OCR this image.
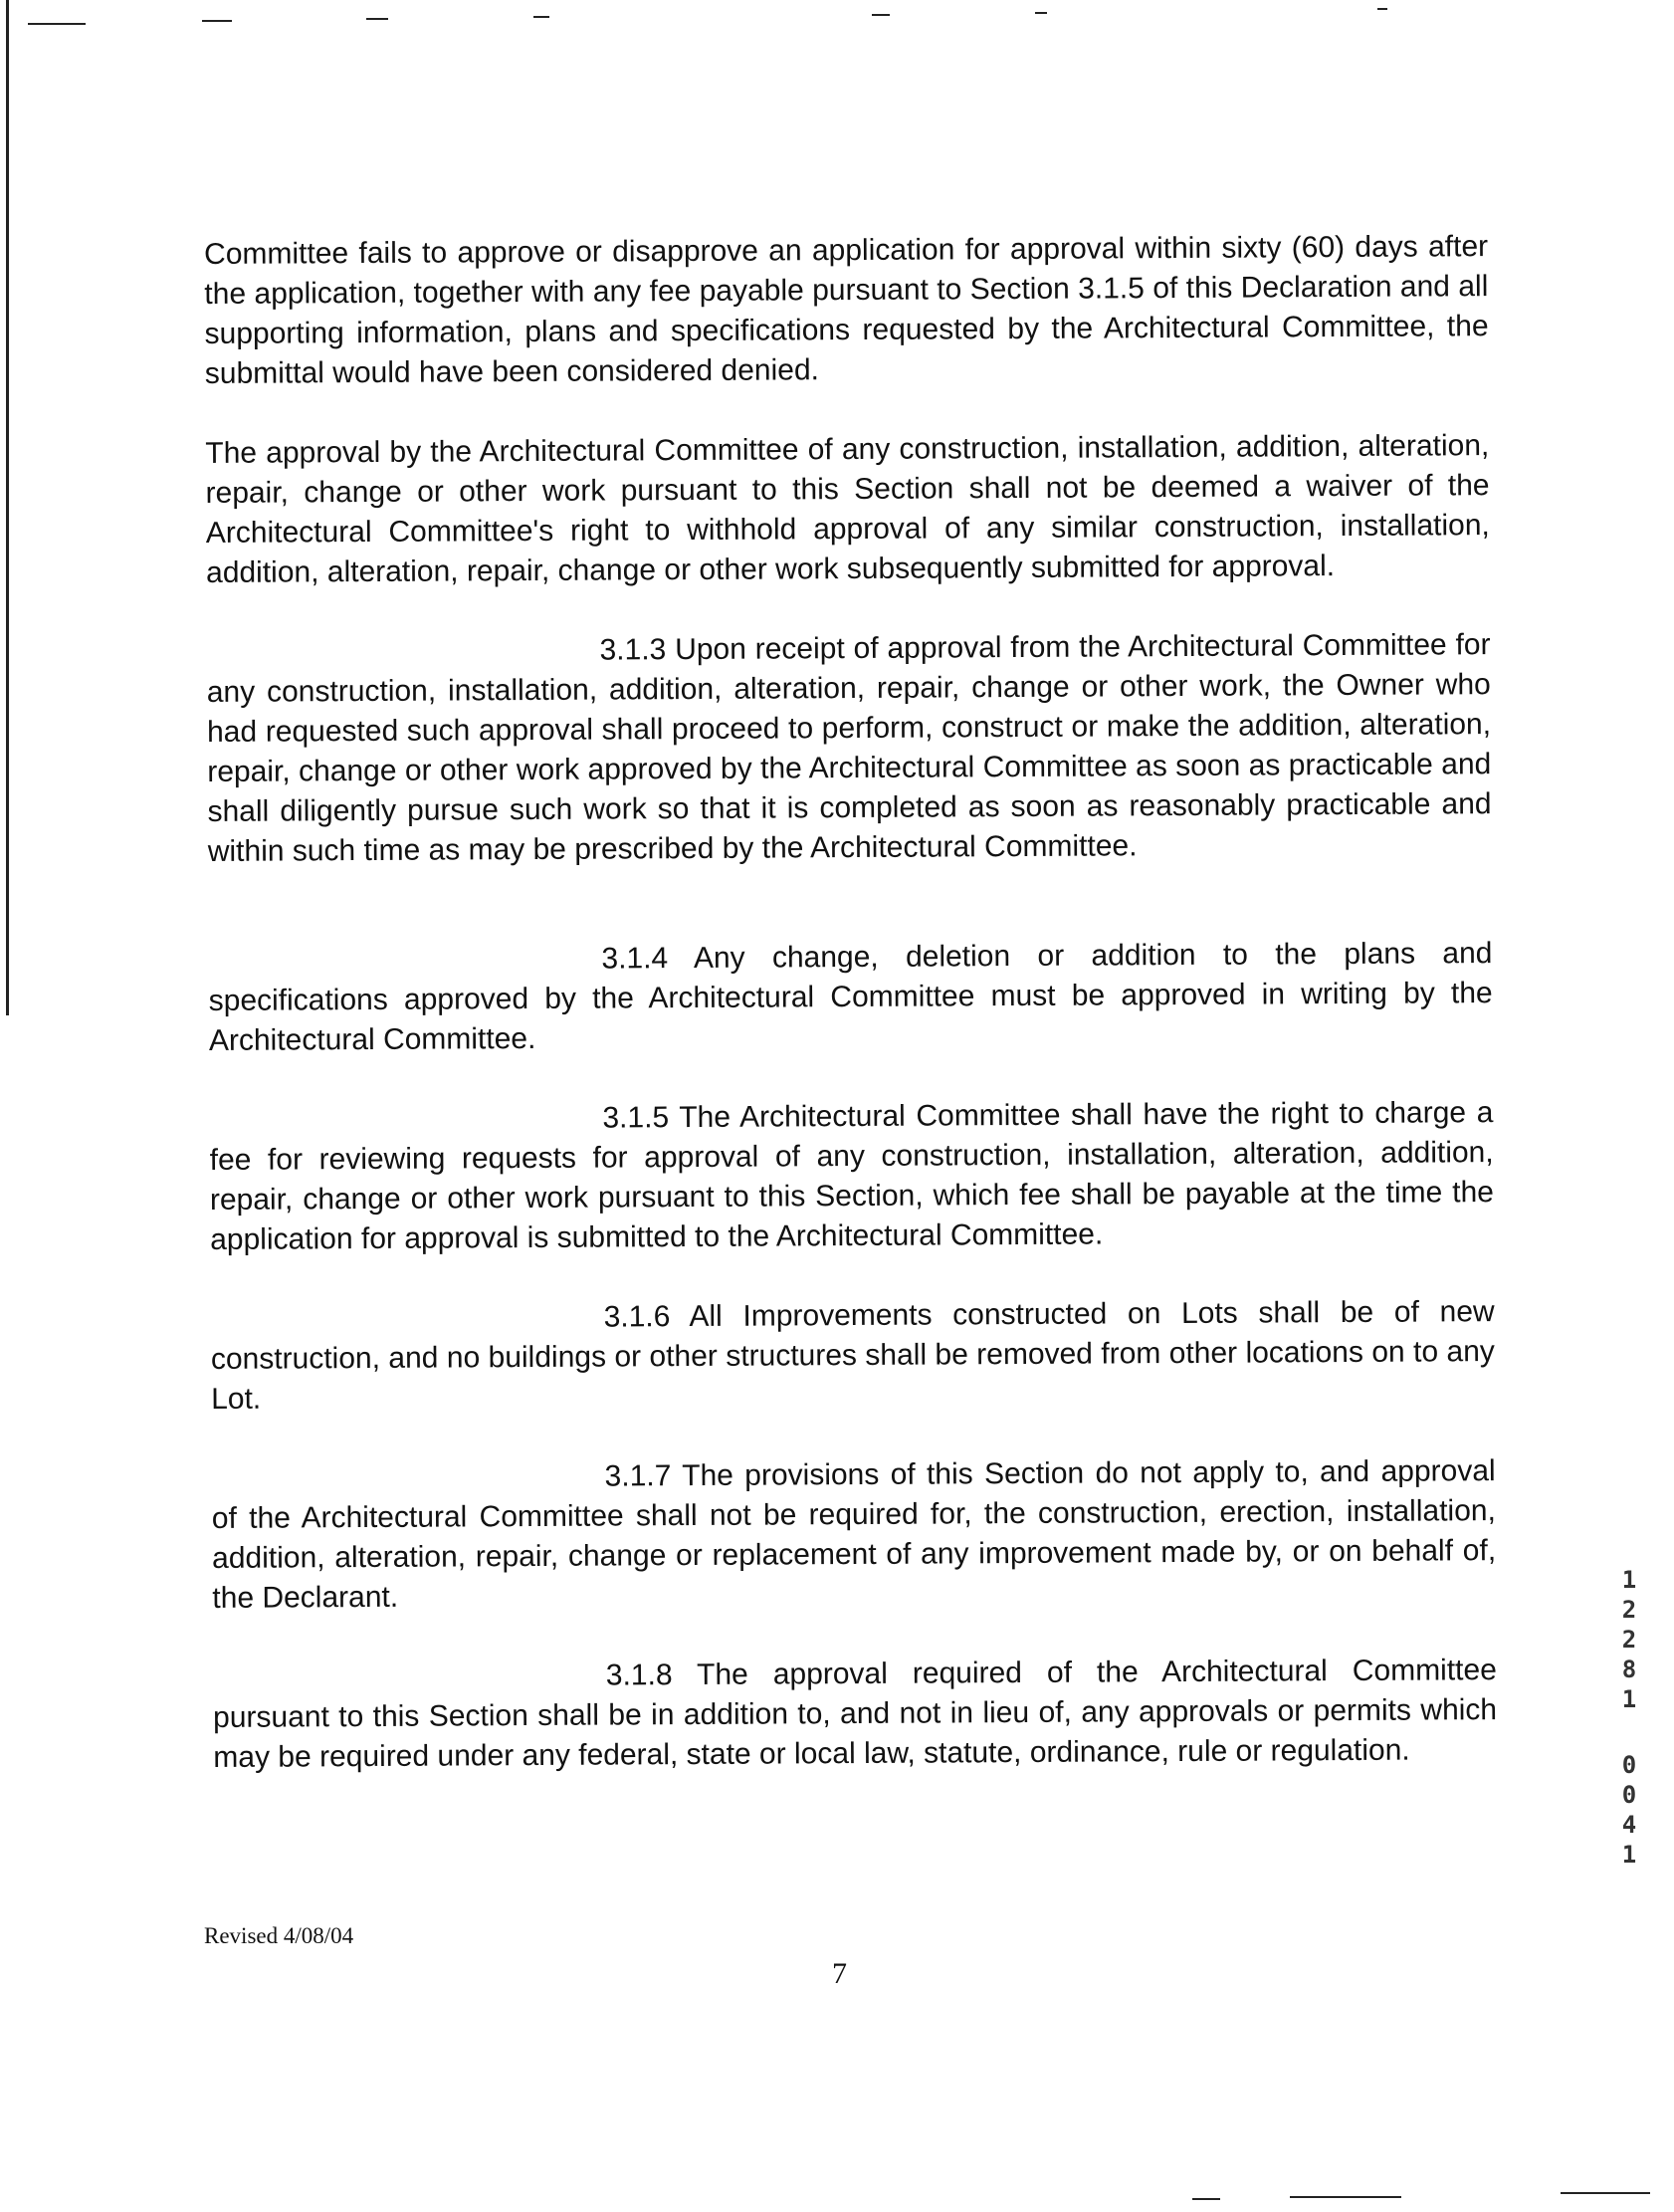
Committee fails to approve or disapprove an application for approval within sixty (60) days after the application, together with any fee payable pursuant to Section 3.1.5 of this Declaration and all supporting information, plans and specifications requested by the Architectural Committee, the submittal would have been considered denied.

The approval by the Architectural Committee of any construction, installation, addition, alteration, repair, change or other work pursuant to this Section shall not be deemed a waiver of the Architectural Committee's right to withhold approval of any similar construction, installation, addition, alteration, repair, change or other work subsequently submitted for approval.

3.1.3 Upon receipt of approval from the Architectural Committee for any construction, installation, addition, alteration, repair, change or other work, the Owner who had requested such approval shall proceed to perform, construct or make the addition, alteration, repair, change or other work approved by the Architectural Committee as soon as practicable and shall diligently pursue such work so that it is completed as soon as reasonably practicable and within such time as may be prescribed by the Architectural Committee.

3.1.4 Any change, deletion or addition to the plans and specifications approved by the Architectural Committee must be approved in writing by the Architectural Committee.

3.1.5 The Architectural Committee shall have the right to charge a fee for reviewing requests for approval of any construction, installation, alteration, addition, repair, change or other work pursuant to this Section, which fee shall be payable at the time the application for approval is submitted to the Architectural Committee.

3.1.6 All Improvements constructed on Lots shall be of new construction, and no buildings or other structures shall be removed from other locations on to any Lot.

3.1.7 The provisions of this Section do not apply to, and approval of the Architectural Committee shall not be required for, the construction, erection, installation, addition, alteration, repair, change or replacement of any improvement made by, or on behalf of, the Declarant.

3.1.8 The approval required of the Architectural Committee pursuant to this Section shall be in addition to, and not in lieu of, any approvals or permits which may be required under any federal, state or local law, statute, ordinance, rule or regulation.

Revised 4/08/04
7
1
2
2
8
1
0
0
4
1
